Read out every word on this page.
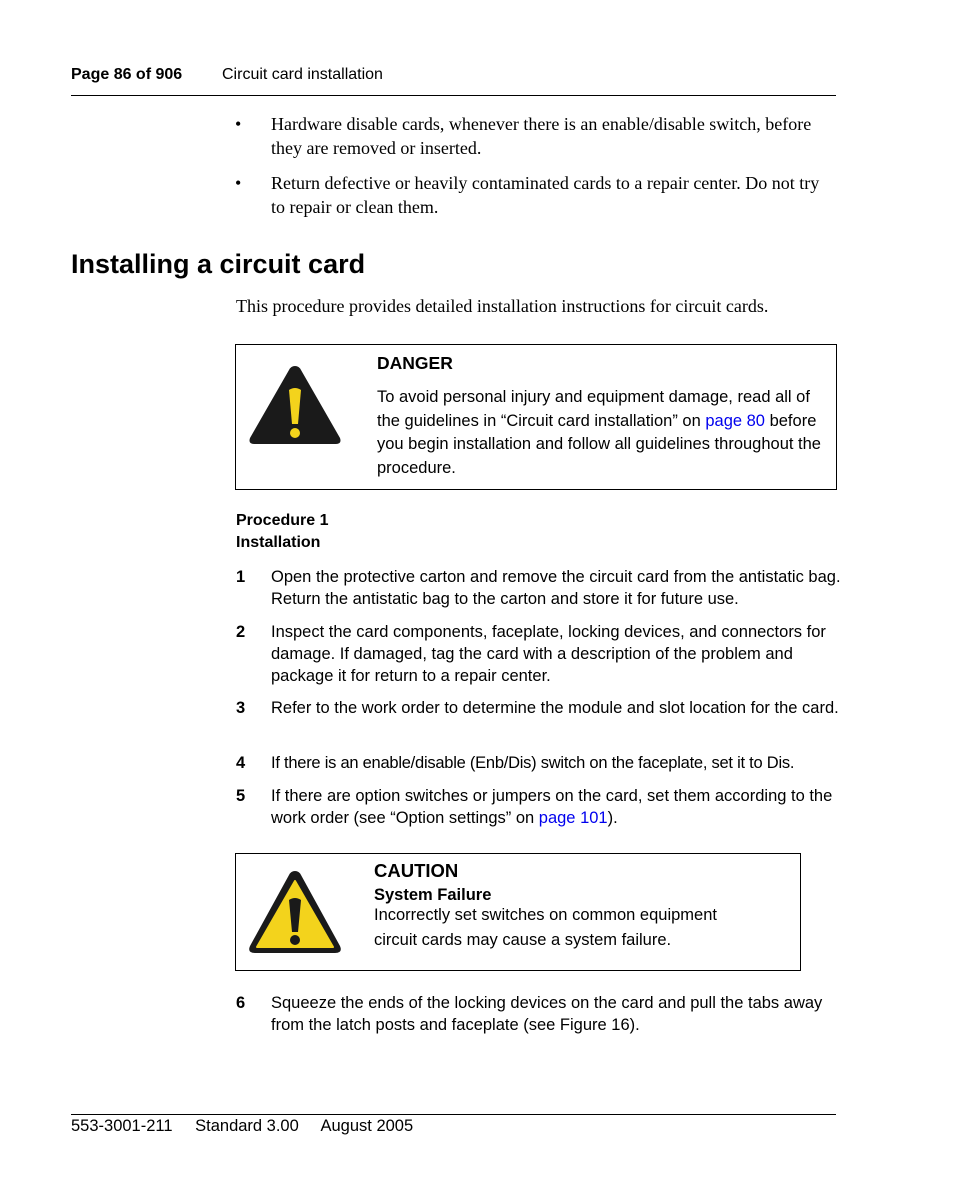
Page 86 of 906 Circuit card installation
• Hardware disable cards, whenever there is an enable/disable switch, before they are removed or inserted.
• Return defective or heavily contaminated cards to a repair center. Do not try to repair or clean them.
Installing a circuit card
This procedure provides detailed installation instructions for circuit cards.
DANGER
To avoid personal injury and equipment damage, read all of the guidelines in “Circuit card installation” on page 80 before you begin installation and follow all guidelines throughout the procedure.
Procedure 1
Installation
1 Open the protective carton and remove the circuit card from the antistatic bag. Return the antistatic bag to the carton and store it for future use.
2 Inspect the card components, faceplate, locking devices, and connectors for damage. If damaged, tag the card with a description of the problem and package it for return to a repair center.
3 Refer to the work order to determine the module and slot location for the card.
4 If there is an enable/disable (Enb/Dis) switch on the faceplate, set it to Dis.
5 If there are option switches or jumpers on the card, set them according to the work order (see “Option settings” on page 101).
CAUTION
System Failure
Incorrectly set switches on common equipment
circuit cards may cause a system failure.
6 Squeeze the ends of the locking devices on the card and pull the tabs away from the latch posts and faceplate (see Figure 16).
553-3001-211 Standard 3.00 August 2005
